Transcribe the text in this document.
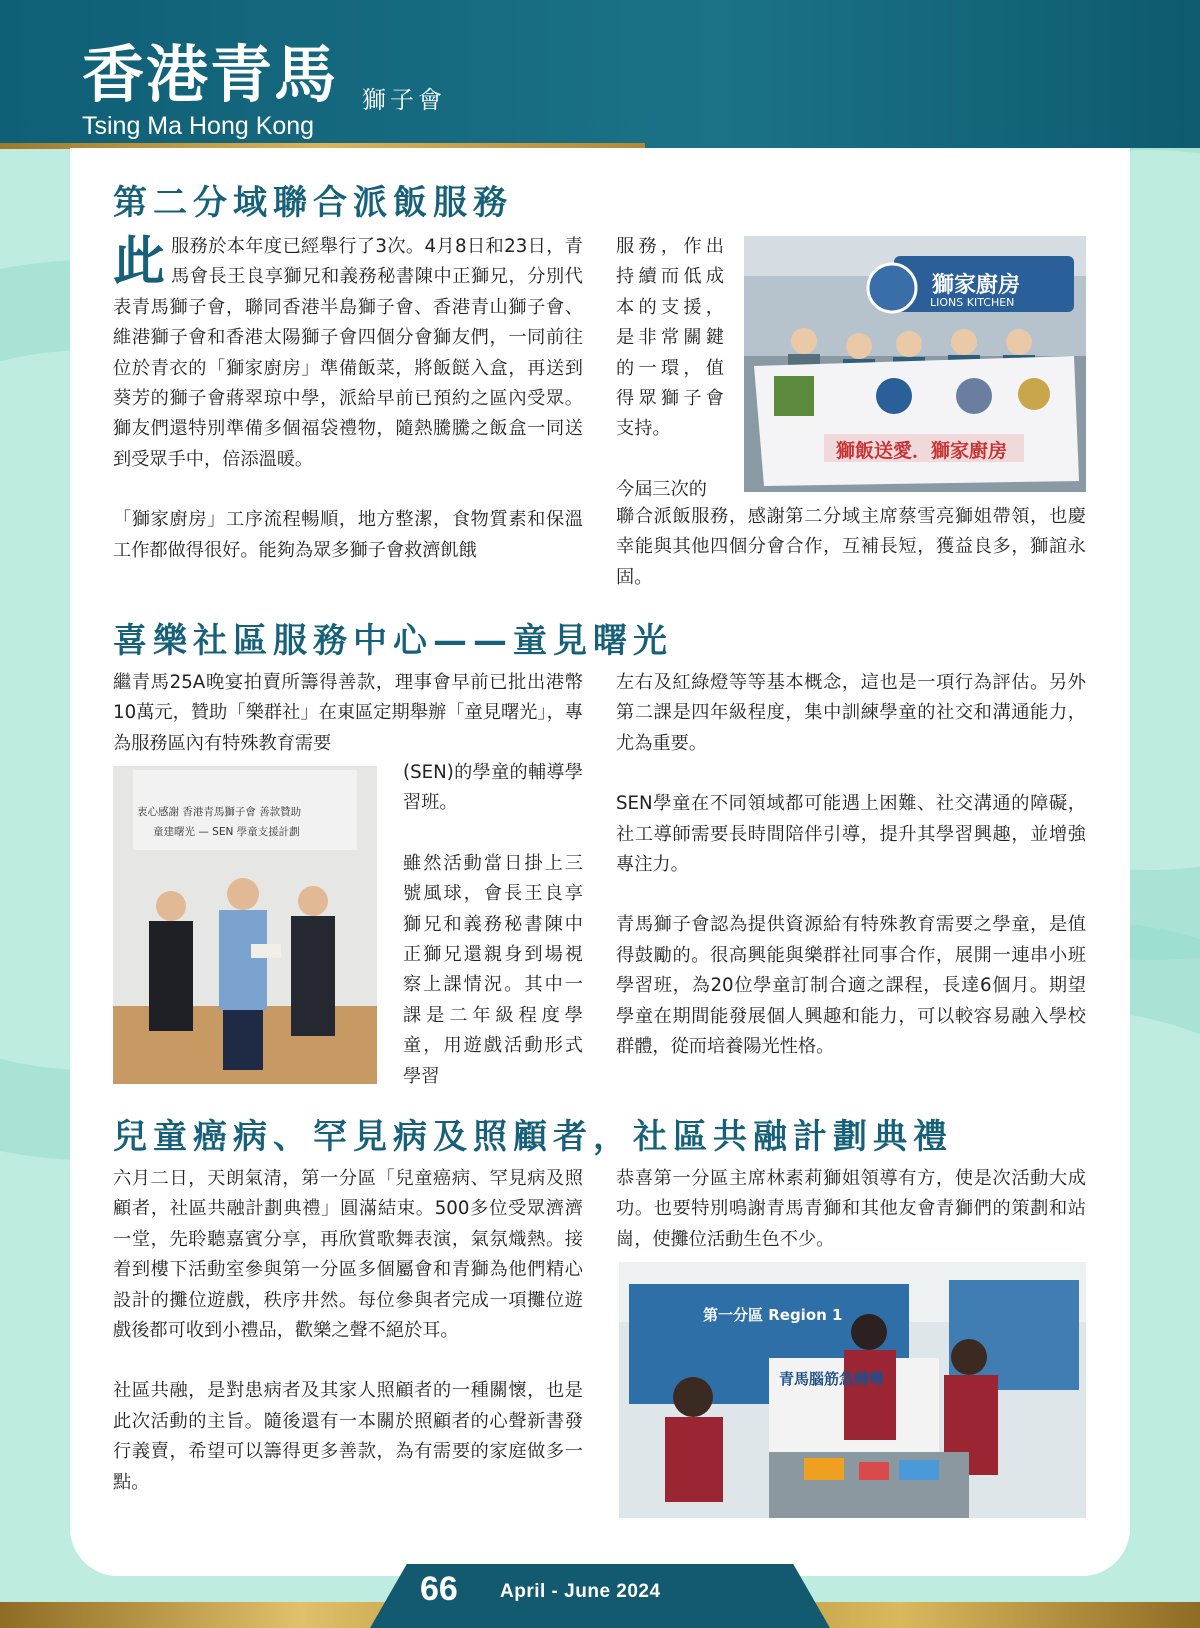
香港青馬 獅子會
Tsing Ma Hong Kong
第二分域聯合派飯服務

此服務於本年度已經舉行了3次。4月8日和23日，青馬會長王良享獅兄和義務秘書陳中正獅兄，分別代表青馬獅子會，聯同香港半島獅子會、香港青山獅子會、維港獅子會和香港太陽獅子會四個分會獅友們，一同前往位於青衣的「獅家廚房」準備飯菜，將飯餸入盒，再送到葵芳的獅子會蔣翠琼中學，派給早前已預約之區內受眾。獅友們還特別準備多個福袋禮物，隨熱騰騰之飯盒一同送到受眾手中，倍添溫暖。

「獅家廚房」工序流程暢順，地方整潔，食物質素和保溫工作都做得很好。能夠為眾多獅子會救濟飢餓

服務，作出持續而低成本的支援，是非常關鍵的一環，值得眾獅子會支持。

今屆三次的

聯合派飯服務，感謝第二分域主席蔡雪亮獅姐帶領，也慶幸能與其他四個分會合作，互補長短，獲益良多，獅誼永固。

獅家廚房
LIONS KITCHEN
獅飯送愛．獅家廚房
喜樂社區服務中心——童見曙光

繼青馬25A晚宴拍賣所籌得善款，理事會早前已批出港幣10萬元，贊助「樂群社」在東區定期舉辦「童見曙光」，專為服務區內有特殊教育需要

衷心感謝 香港青馬獅子會 善款贊助
童建曙光 — SEN 學童支援計劃

(SEN)的學童的輔導學習班。

雖然活動當日掛上三號風球，會長王良享獅兄和義務秘書陳中正獅兄還親身到場視察上課情況。其中一課是二年級程度學童，用遊戲活動形式學習

左右及紅綠燈等等基本概念，這也是一項行為評估。另外第二課是四年級程度，集中訓練學童的社交和溝通能力，尤為重要。

SEN學童在不同領域都可能遇上困難、社交溝通的障礙，社工導師需要長時間陪伴引導，提升其學習興趣，並增強專注力。

青馬獅子會認為提供資源給有特殊教育需要之學童，是值得鼓勵的。很高興能與樂群社同事合作，展開一連串小班學習班，為20位學童訂制合適之課程，長達6個月。期望學童在期間能發展個人興趣和能力，可以較容易融入學校群體，從而培養陽光性格。

兒童癌病、罕見病及照顧者，社區共融計劃典禮

六月二日，天朗氣清，第一分區「兒童癌病、罕見病及照顧者，社區共融計劃典禮」圓滿結束。500多位受眾濟濟一堂，先聆聽嘉賓分享，再欣賞歌舞表演，氣氛熾熱。接着到樓下活動室參與第一分區多個屬會和青獅為他們精心設計的攤位遊戲，秩序井然。每位參與者完成一項攤位遊戲後都可收到小禮品，歡樂之聲不絕於耳。

社區共融，是對患病者及其家人照顧者的一種關懷，也是此次活動的主旨。隨後還有一本關於照顧者的心聲新書發行義賣，希望可以籌得更多善款，為有需要的家庭做多一點。

恭喜第一分區主席林素莉獅姐領導有方，使是次活動大成功。也要特別鳴謝青馬青獅和其他友會青獅們的策劃和站崗，使攤位活動生色不少。

第一分區 Region 1
青馬腦筋急轉彎
66 April - June 2024
